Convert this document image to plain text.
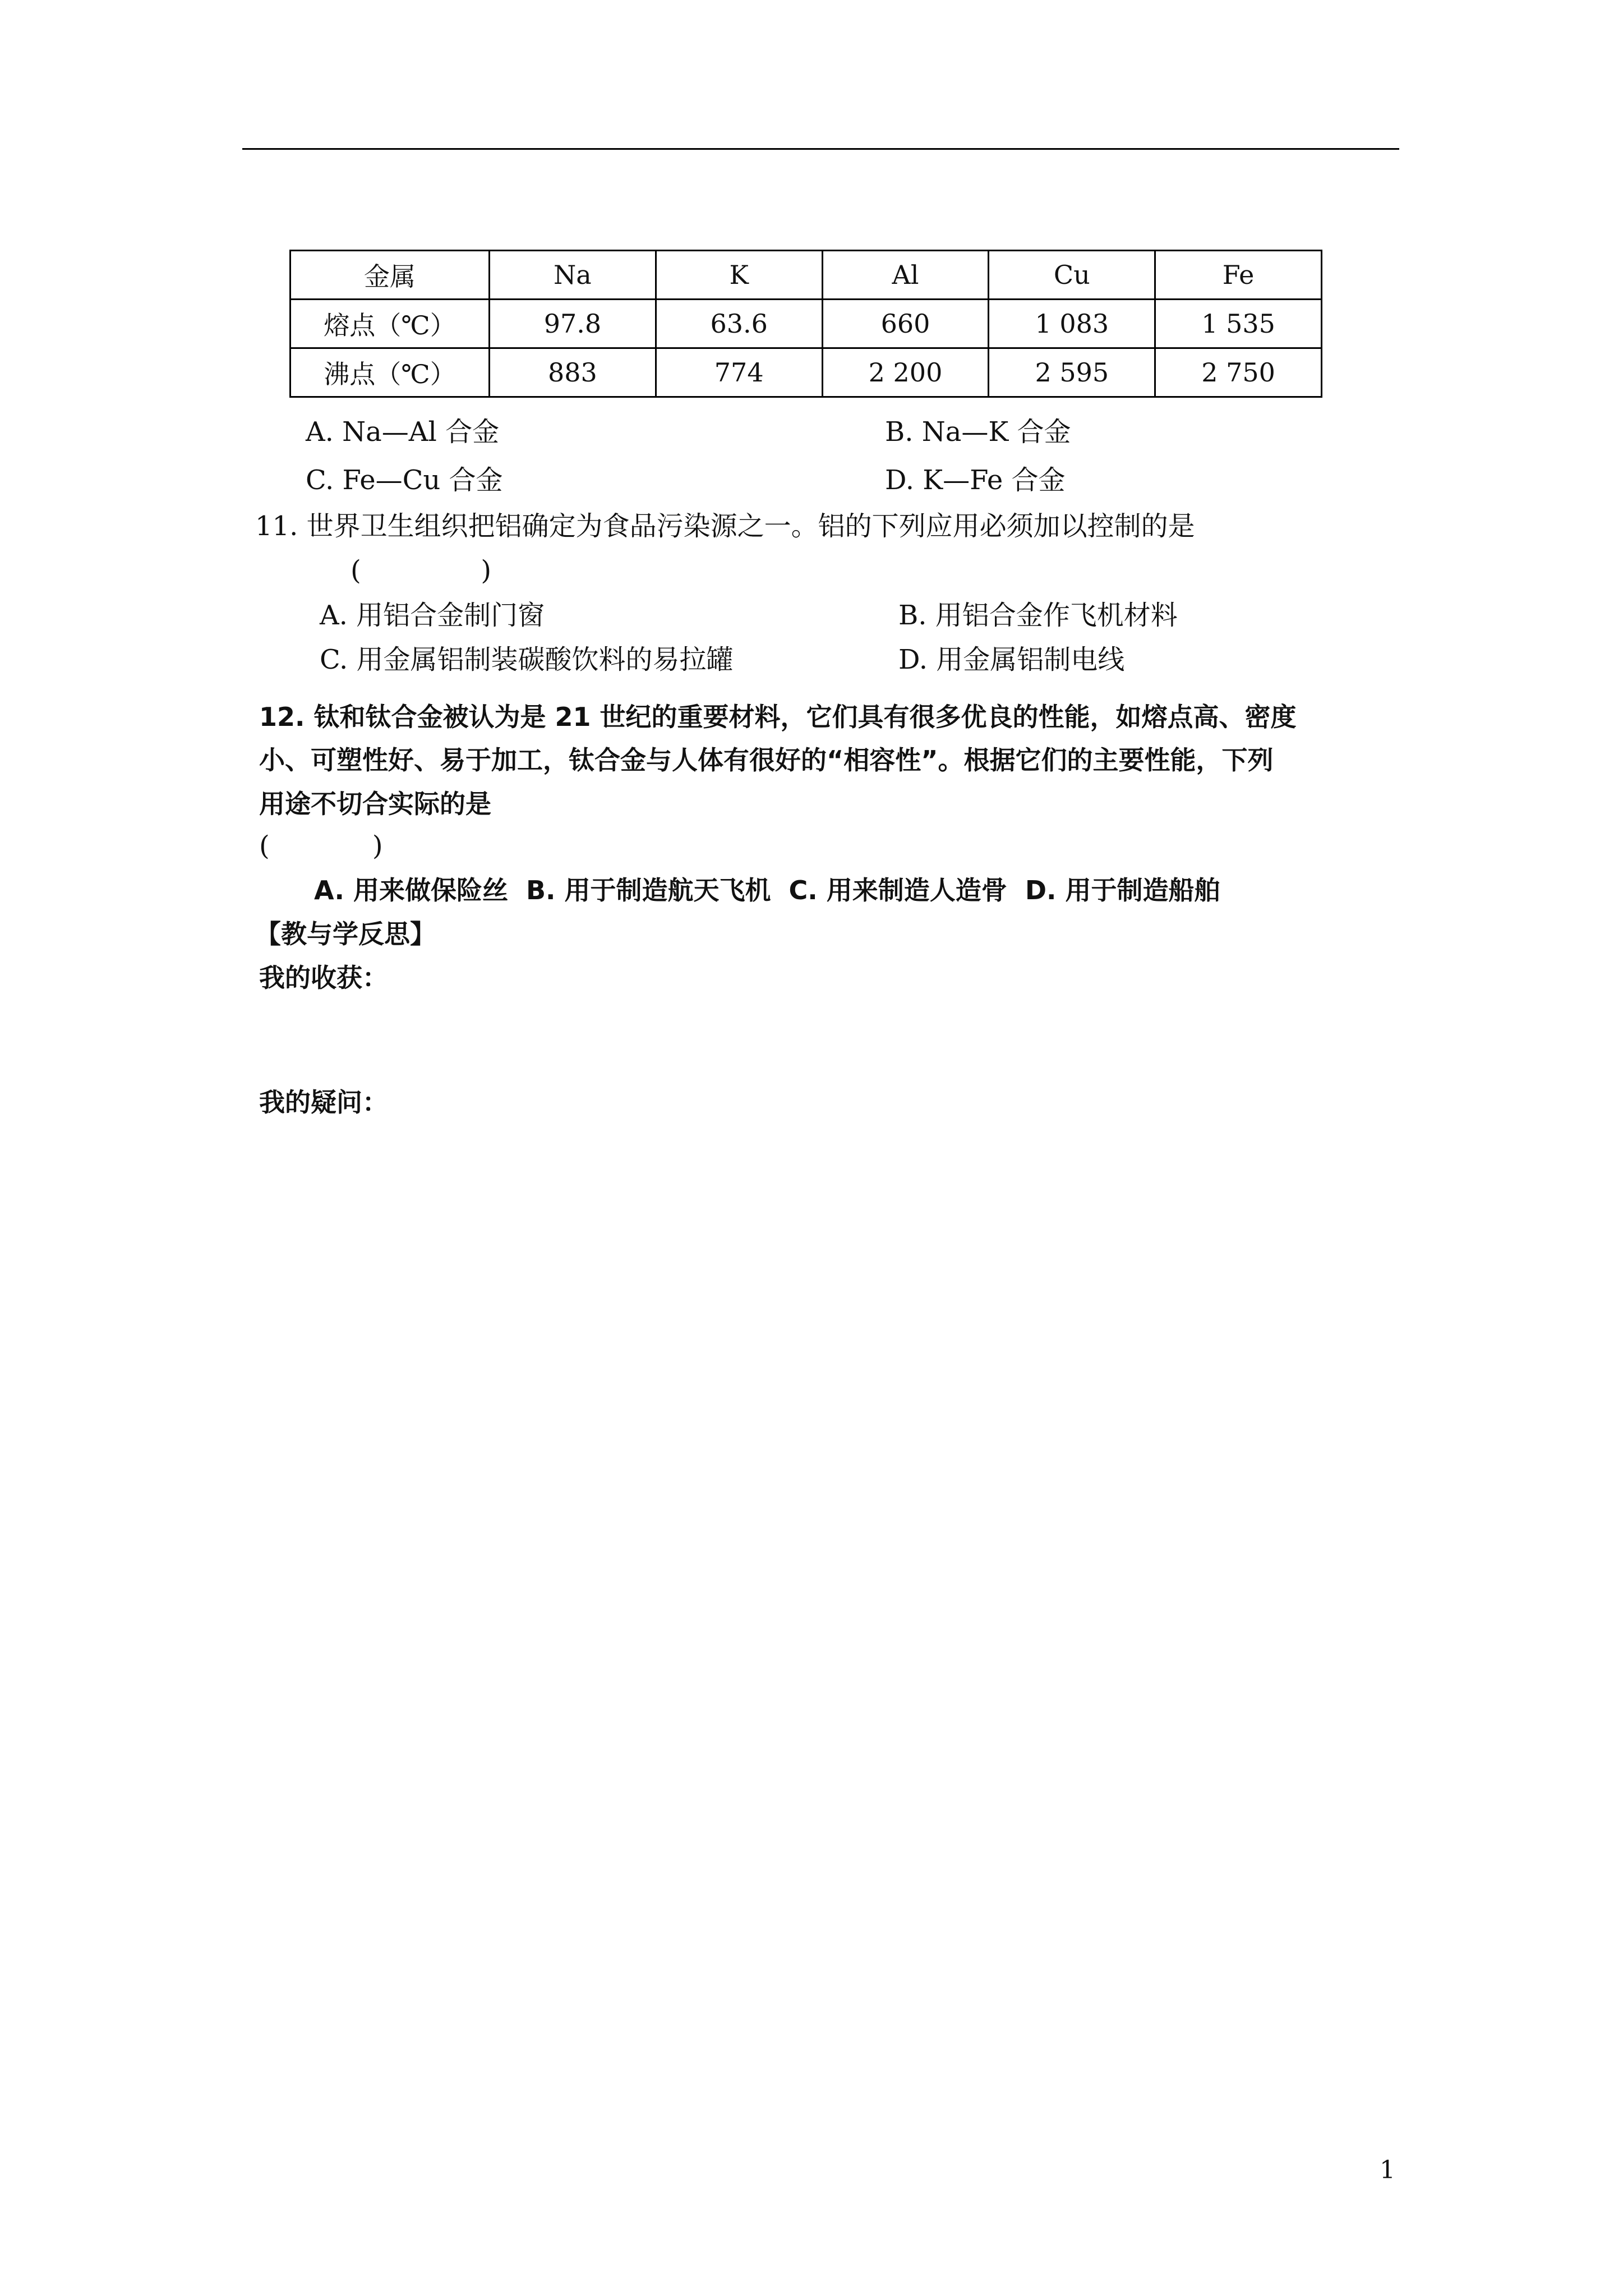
金属	Na	K	Al	Cu	Fe
熔点（℃）	97.8	63.6	660	1 083	1 535
沸点（℃）	883	774	2 200	2 595	2 750
A. Na—Al 合金	B. Na—K 合金
C. Fe—Cu 合金	D. K—Fe 合金
11. 世界卫生组织把铝确定为食品污染源之一。铝的下列应用必须加以控制的是
(              )
A. 用铝合金制门窗	B. 用铝合金作飞机材料
C. 用金属铝制装碳酸饮料的易拉罐	D. 用金属铝制电线
12. 钛和钛合金被认为是 21 世纪的重要材料，它们具有很多优良的性能，如熔点高、密度
小、可塑性好、易于加工，钛合金与人体有很好的“相容性”。根据它们的主要性能，下列
用途不切合实际的是
(            )
A. 用来做保险丝  B. 用于制造航天飞机  C. 用来制造人造骨  D. 用于制造船舶
【教与学反思】
我的收获：
我的疑问：
1
